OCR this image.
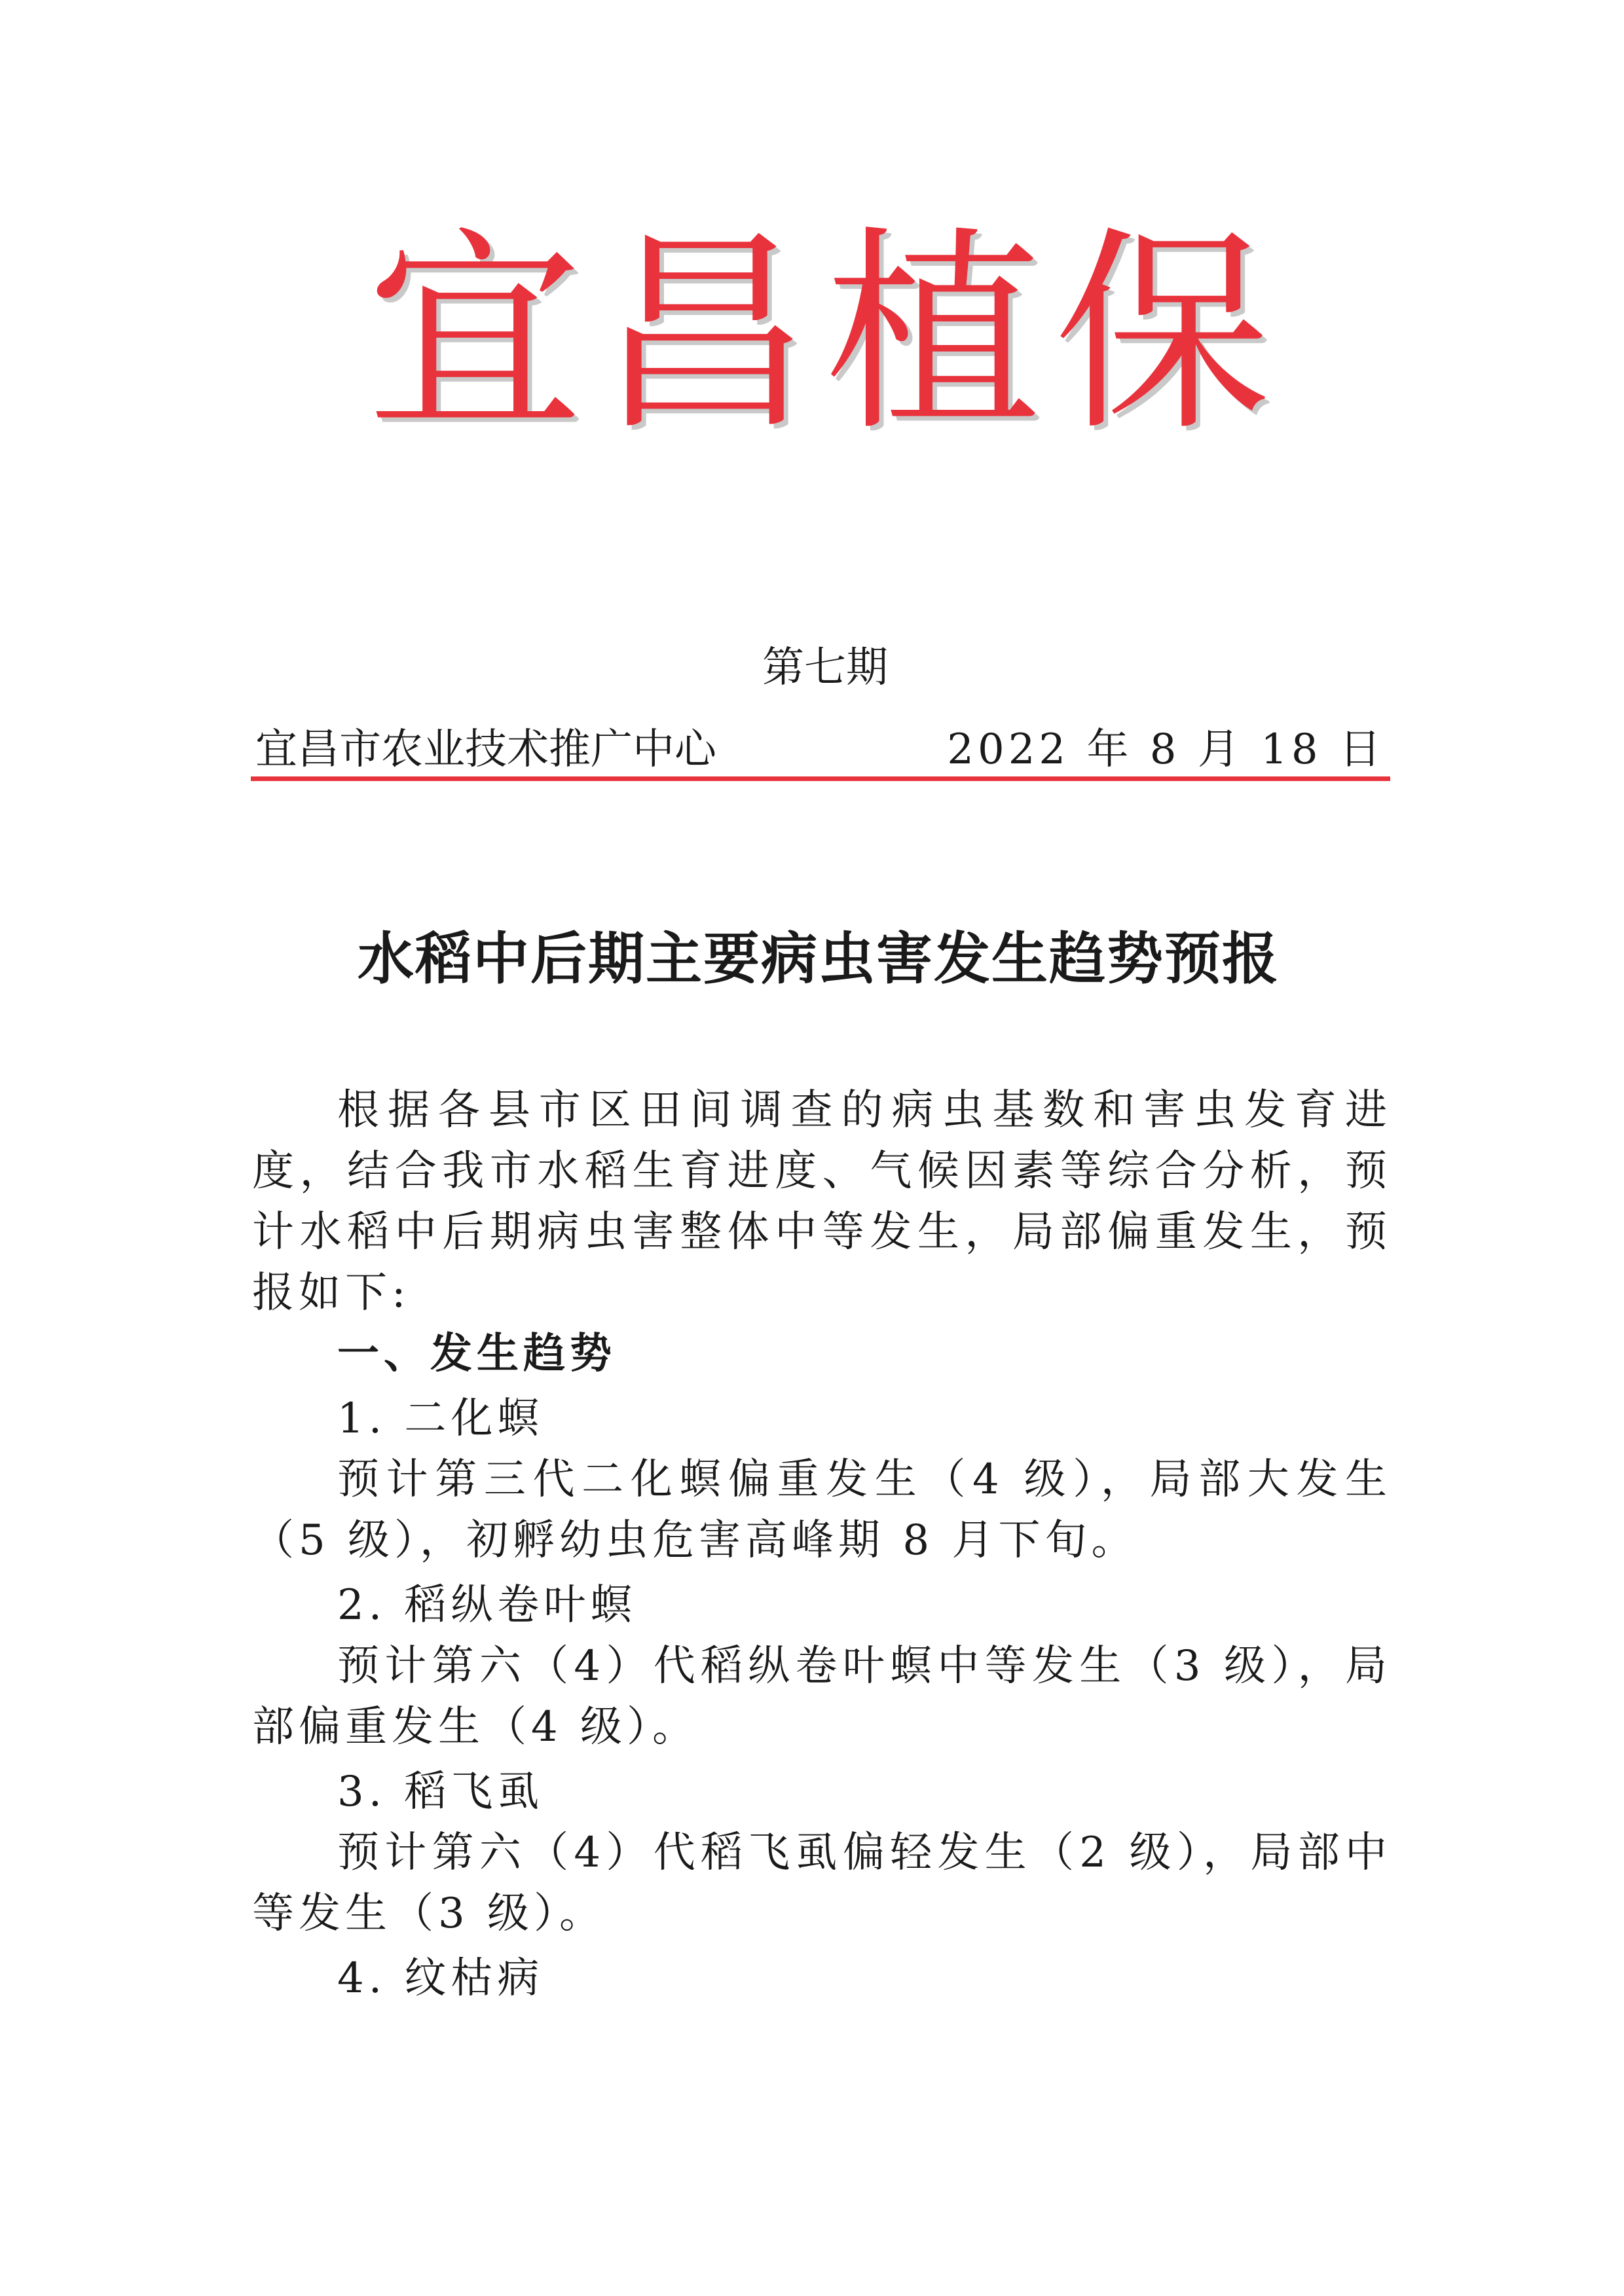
宜昌植保
第七期
宜昌市农业技术推广中心	2022 年 8 月 18 日
水稻中后期主要病虫害发生趋势预报

根据各县市区田间调查的病虫基数和害虫发育进度，结合我市水稻生育进度、气候因素等综合分析，预计水稻中后期病虫害整体中等发生，局部偏重发生，预报如下:

一、发生趋势

1. 二化螟

预计第三代二化螟偏重发生（4 级），局部大发生（5 级），初孵幼虫危害高峰期 8 月下旬。

2. 稻纵卷叶螟

预计第六（4）代稻纵卷叶螟中等发生（3 级），局部偏重发生（4 级）。

3. 稻飞虱

预计第六（4）代稻飞虱偏轻发生（2 级），局部中等发生（3 级）。

4. 纹枯病
